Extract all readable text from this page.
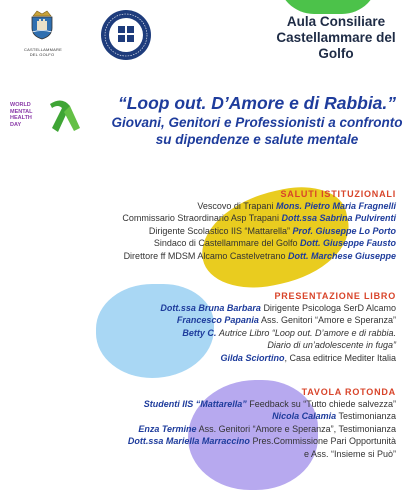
CASTELLAMMARE DEL GOLFO
Aula Consiliare
Castellammare del Golfo
WORLD
MENTAL
HEALTH
DAY
“Loop out. D’Amore e di Rabbia.”
Giovani, Genitori e Professionisti a confronto
su dipendenze e salute mentale
SALUTI ISTITUZIONALI
Vescovo di Trapani Mons. Pietro Maria Fragnelli
Commissario Straordinario Asp Trapani Dott.ssa Sabrina Pulvirenti
Dirigente Scolastico IIS “Mattarella” Prof. Giuseppe Lo Porto
Sindaco di Castellammare del Golfo Dott. Giuseppe Fausto
Direttore ff MDSM Alcamo Castelvetrano Dott. Marchese Giuseppe
PRESENTAZIONE LIBRO
Dott.ssa Bruna Barbara Dirigente Psicologa SerD Alcamo
Francesco Papania Ass. Genitori “Amore e Speranza”
Betty C. Autrice Libro “Loop out. D’amore e di rabbia.
Diario di un’adolescente in fuga”
Gilda Sciortino, Casa editrice Mediter Italia
TAVOLA ROTONDA
Studenti IIS “Mattarella” Feedback su “Tutto chiede salvezza”
Nicola Calamia Testimonianza
Enza Termine Ass. Genitori “Amore e Speranza”, Testimonianza
Dott.ssa Mariella Marraccino Pres.Commissione Pari Opportunità
e Ass. “Insieme si Può”
